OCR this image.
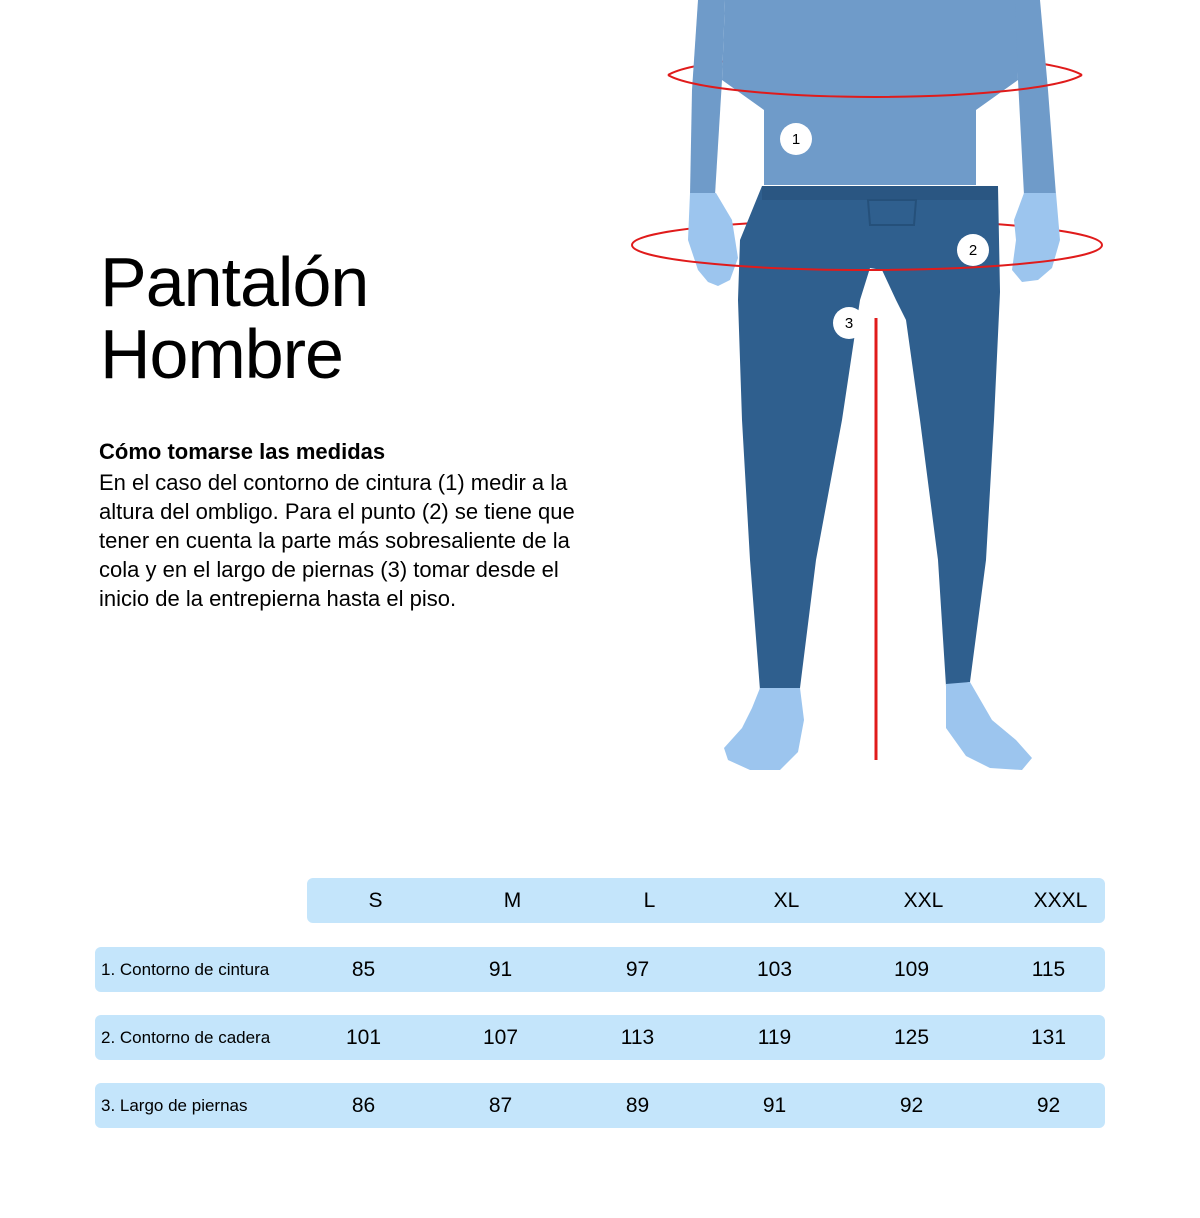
Pantalón
Hombre
Cómo tomarse las medidas
En el caso del contorno de cintura (1) medir a la altura del ombligo. Para el punto (2) se tiene que tener en cuenta la parte más sobresaliente de la cola y en el largo de piernas (3) tomar desde el inicio de la entrepierna hasta el piso.
1
2
3
S	M	L	XL	XXL	XXXL
1. Contorno de cintura	85	91	97	103	109	115
2. Contorno de cadera	101	107	113	119	125	131
3. Largo de piernas	86	87	89	91	92	92
